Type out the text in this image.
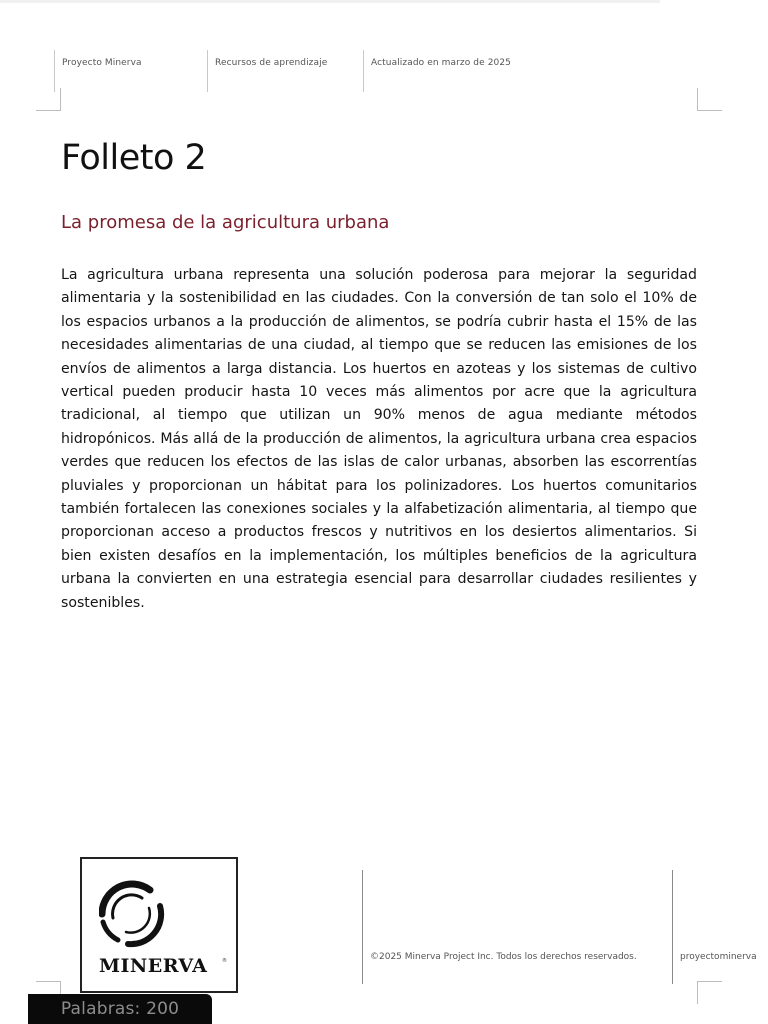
Proyecto Minerva	Recursos de aprendizaje	Actualizado en marzo de 2025
Folleto 2
La promesa de la agricultura urbana

La agricultura urbana representa una solución poderosa para mejorar la seguridad alimentaria y la sostenibilidad en las ciudades. Con la conversión de tan solo el 10% de los espacios urbanos a la producción de alimentos, se podría cubrir hasta el 15% de las necesidades alimentarias de una ciudad, al tiempo que se reducen las emisiones de los envíos de alimentos a larga distancia. Los huertos en azoteas y los sistemas de cultivo vertical pueden producir hasta 10 veces más alimentos por acre que la agricultura tradicional, al tiempo que utilizan un 90% menos de agua mediante métodos hidropónicos. Más allá de la producción de alimentos, la agricultura urbana crea espacios verdes que reducen los efectos de las islas de calor urbanas, absorben las escorrentías pluviales y proporcionan un hábitat para los polinizadores. Los huertos comunitarios también fortalecen las conexiones sociales y la alfabetización alimentaria, al tiempo que proporcionan acceso a productos frescos y nutritivos en los desiertos alimentarios. Si bien existen desafíos en la implementación, los múltiples beneficios de la agricultura urbana la convierten en una estrategia esencial para desarrollar ciudades resilientes y sostenibles.

MINERVA	®	©2025 Minerva Project Inc. Todos los derechos reservados.	proyectominerva
Palabras: 200
